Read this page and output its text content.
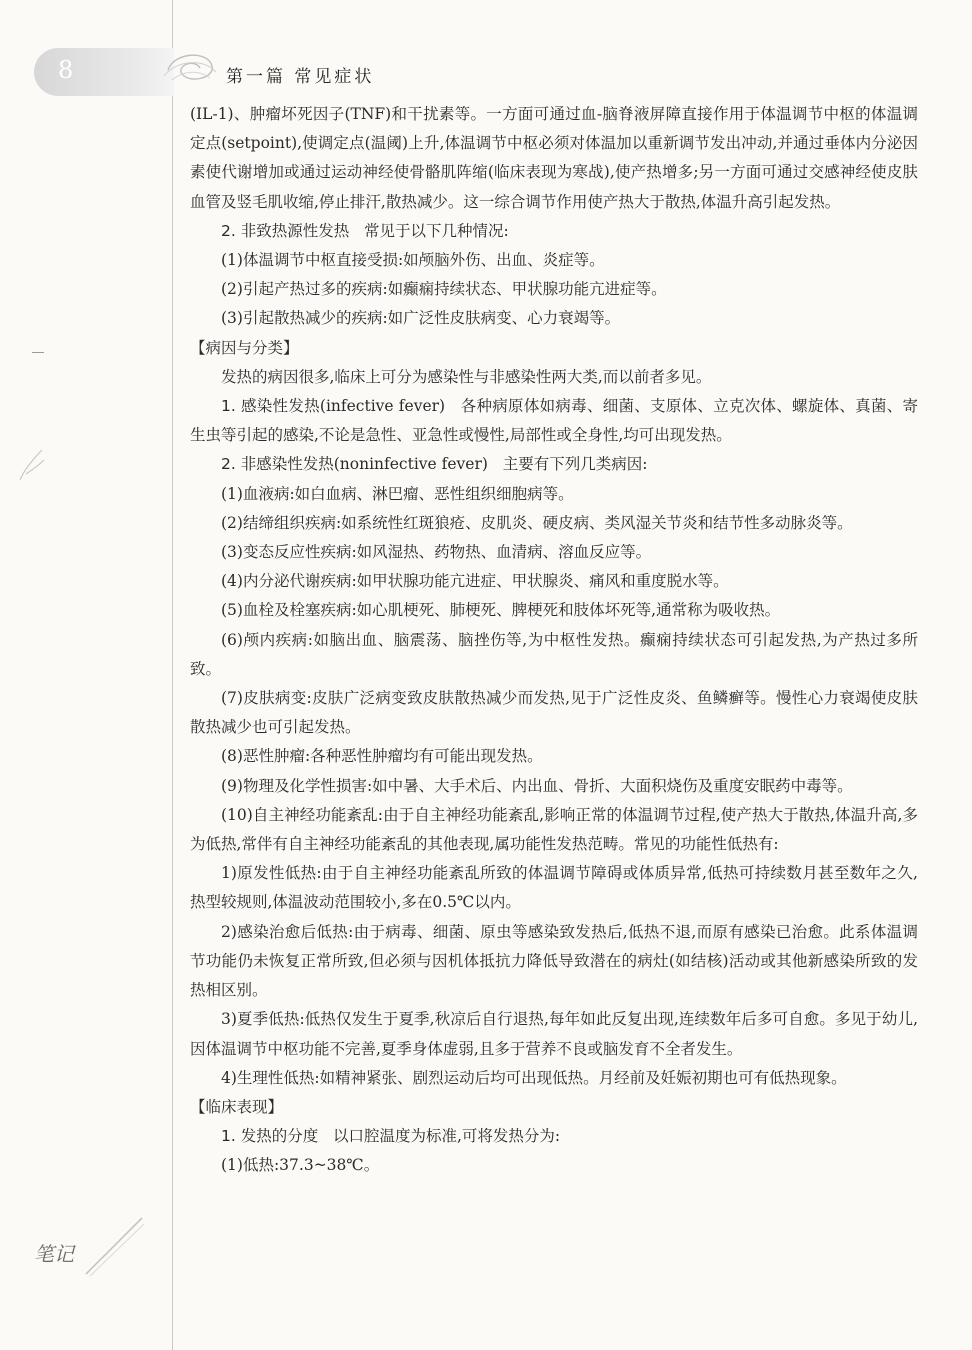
8	第一篇 常见症状

(IL-1)、肿瘤坏死因子(TNF)和干扰素等。一方面可通过血-脑脊液屏障直接作用于体温调节中枢的体温调定点(setpoint),使调定点(温阈)上升,体温调节中枢必须对体温加以重新调节发出冲动,并通过垂体内分泌因素使代谢增加或通过运动神经使骨骼肌阵缩(临床表现为寒战),使产热增多;另一方面可通过交感神经使皮肤血管及竖毛肌收缩,停止排汗,散热减少。这一综合调节作用使产热大于散热,体温升高引起发热。

2. 非致热源性发热 常见于以下几种情况:

(1)体温调节中枢直接受损:如颅脑外伤、出血、炎症等。

(2)引起产热过多的疾病:如癫痫持续状态、甲状腺功能亢进症等。

(3)引起散热减少的疾病:如广泛性皮肤病变、心力衰竭等。

【病因与分类】

发热的病因很多,临床上可分为感染性与非感染性两大类,而以前者多见。

1. 感染性发热(infective fever) 各种病原体如病毒、细菌、支原体、立克次体、螺旋体、真菌、寄生虫等引起的感染,不论是急性、亚急性或慢性,局部性或全身性,均可出现发热。

2. 非感染性发热(noninfective fever) 主要有下列几类病因:

(1)血液病:如白血病、淋巴瘤、恶性组织细胞病等。

(2)结缔组织疾病:如系统性红斑狼疮、皮肌炎、硬皮病、类风湿关节炎和结节性多动脉炎等。

(3)变态反应性疾病:如风湿热、药物热、血清病、溶血反应等。

(4)内分泌代谢疾病:如甲状腺功能亢进症、甲状腺炎、痛风和重度脱水等。

(5)血栓及栓塞疾病:如心肌梗死、肺梗死、脾梗死和肢体坏死等,通常称为吸收热。

(6)颅内疾病:如脑出血、脑震荡、脑挫伤等,为中枢性发热。癫痫持续状态可引起发热,为产热过多所致。

(7)皮肤病变:皮肤广泛病变致皮肤散热减少而发热,见于广泛性皮炎、鱼鳞癣等。慢性心力衰竭使皮肤散热减少也可引起发热。

(8)恶性肿瘤:各种恶性肿瘤均有可能出现发热。

(9)物理及化学性损害:如中暑、大手术后、内出血、骨折、大面积烧伤及重度安眠药中毒等。

(10)自主神经功能紊乱:由于自主神经功能紊乱,影响正常的体温调节过程,使产热大于散热,体温升高,多为低热,常伴有自主神经功能紊乱的其他表现,属功能性发热范畴。常见的功能性低热有:

1)原发性低热:由于自主神经功能紊乱所致的体温调节障碍或体质异常,低热可持续数月甚至数年之久,热型较规则,体温波动范围较小,多在0.5℃以内。

2)感染治愈后低热:由于病毒、细菌、原虫等感染致发热后,低热不退,而原有感染已治愈。此系体温调节功能仍未恢复正常所致,但必须与因机体抵抗力降低导致潜在的病灶(如结核)活动或其他新感染所致的发热相区别。

3)夏季低热:低热仅发生于夏季,秋凉后自行退热,每年如此反复出现,连续数年后多可自愈。多见于幼儿,因体温调节中枢功能不完善,夏季身体虚弱,且多于营养不良或脑发育不全者发生。

4)生理性低热:如精神紧张、剧烈运动后均可出现低热。月经前及妊娠初期也可有低热现象。

【临床表现】

1. 发热的分度 以口腔温度为标准,可将发热分为:

(1)低热:37.3~38℃。

笔记
